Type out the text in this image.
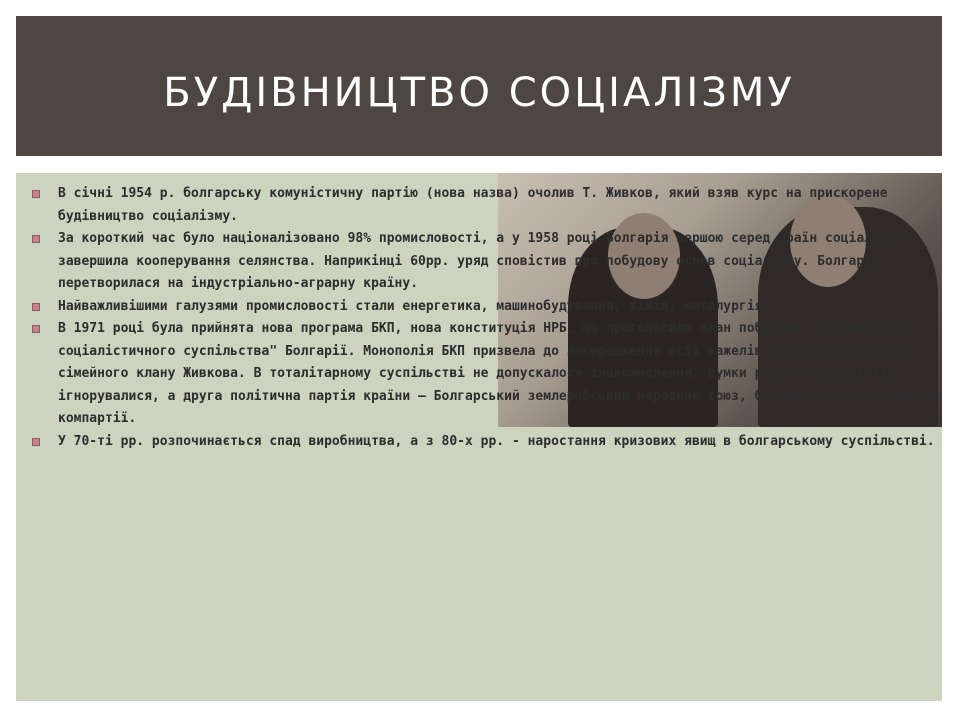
БУДІВНИЦТВО СОЦІАЛІЗМУ
В січні 1954 р. болгарську комуністичну партію (нова назва) очолив Т. Живков, який взяв курс на прискорене будівництво соціалізму.
За короткий час було націоналізовано 98% промисловості, а у 1958 році Болгарія першою серед країн соціалізму завершила кооперування селянства. Наприкінці 60рр. уряд сповістив про побудову основ соціалізму. Болгарія перетворилася на індустріально-аграрну країну.
Найважливішими галузями промисловості стали енергетика, машинобудування, хімія, металургія.
В 1971 році була прийнята нова програма БКП, нова конституція НРБ, що проголосила план побудови "розвинутого соціалістичного суспільства" Болгарії. Монополія БКП призвела до зосередження всіх важелів управління в руках сімейного клану Живкова. В тоталітарному суспільстві не допускалося інакомислення, думки рядових комуністів ігнорувалися, а друга політична партія країни – Болгарський землеробський народний союз, була цілком залежна від компартії.
У 70-ті рр. розпочинається спад виробництва, а з 80-х рр. - наростання кризових явищ в болгарському суспільстві.
